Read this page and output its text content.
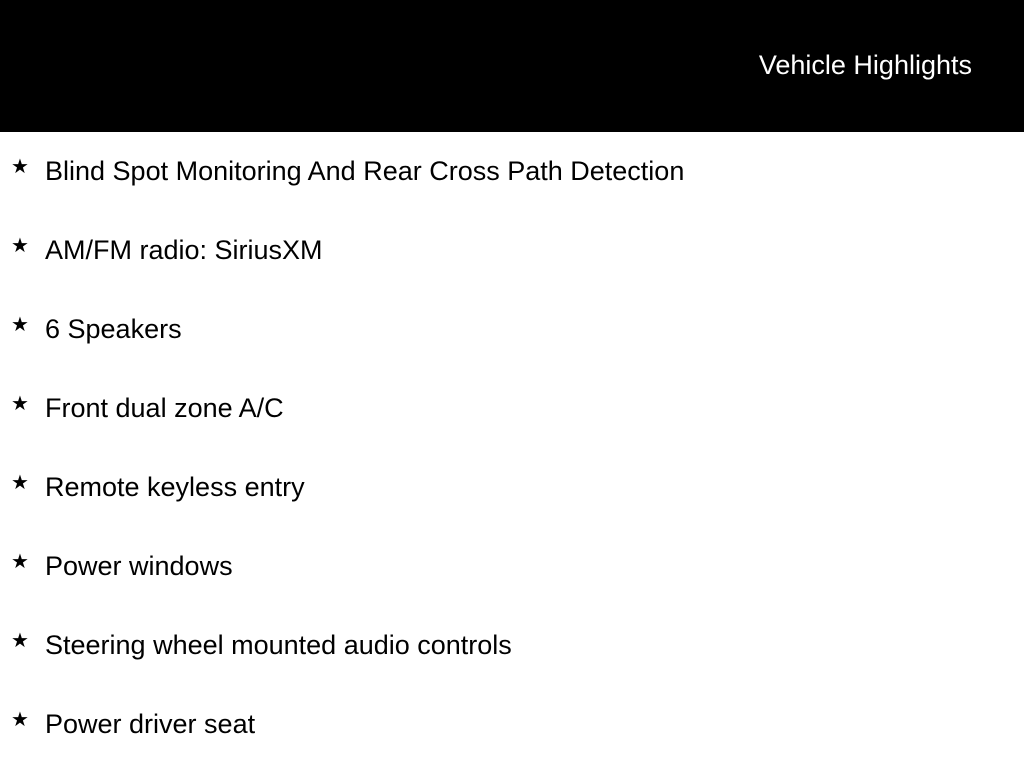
Vehicle Highlights
★ Blind Spot Monitoring And Rear Cross Path Detection
★ AM/FM radio: SiriusXM
★ 6 Speakers
★ Front dual zone A/C
★ Remote keyless entry
★ Power windows
★ Steering wheel mounted audio controls
★ Power driver seat
